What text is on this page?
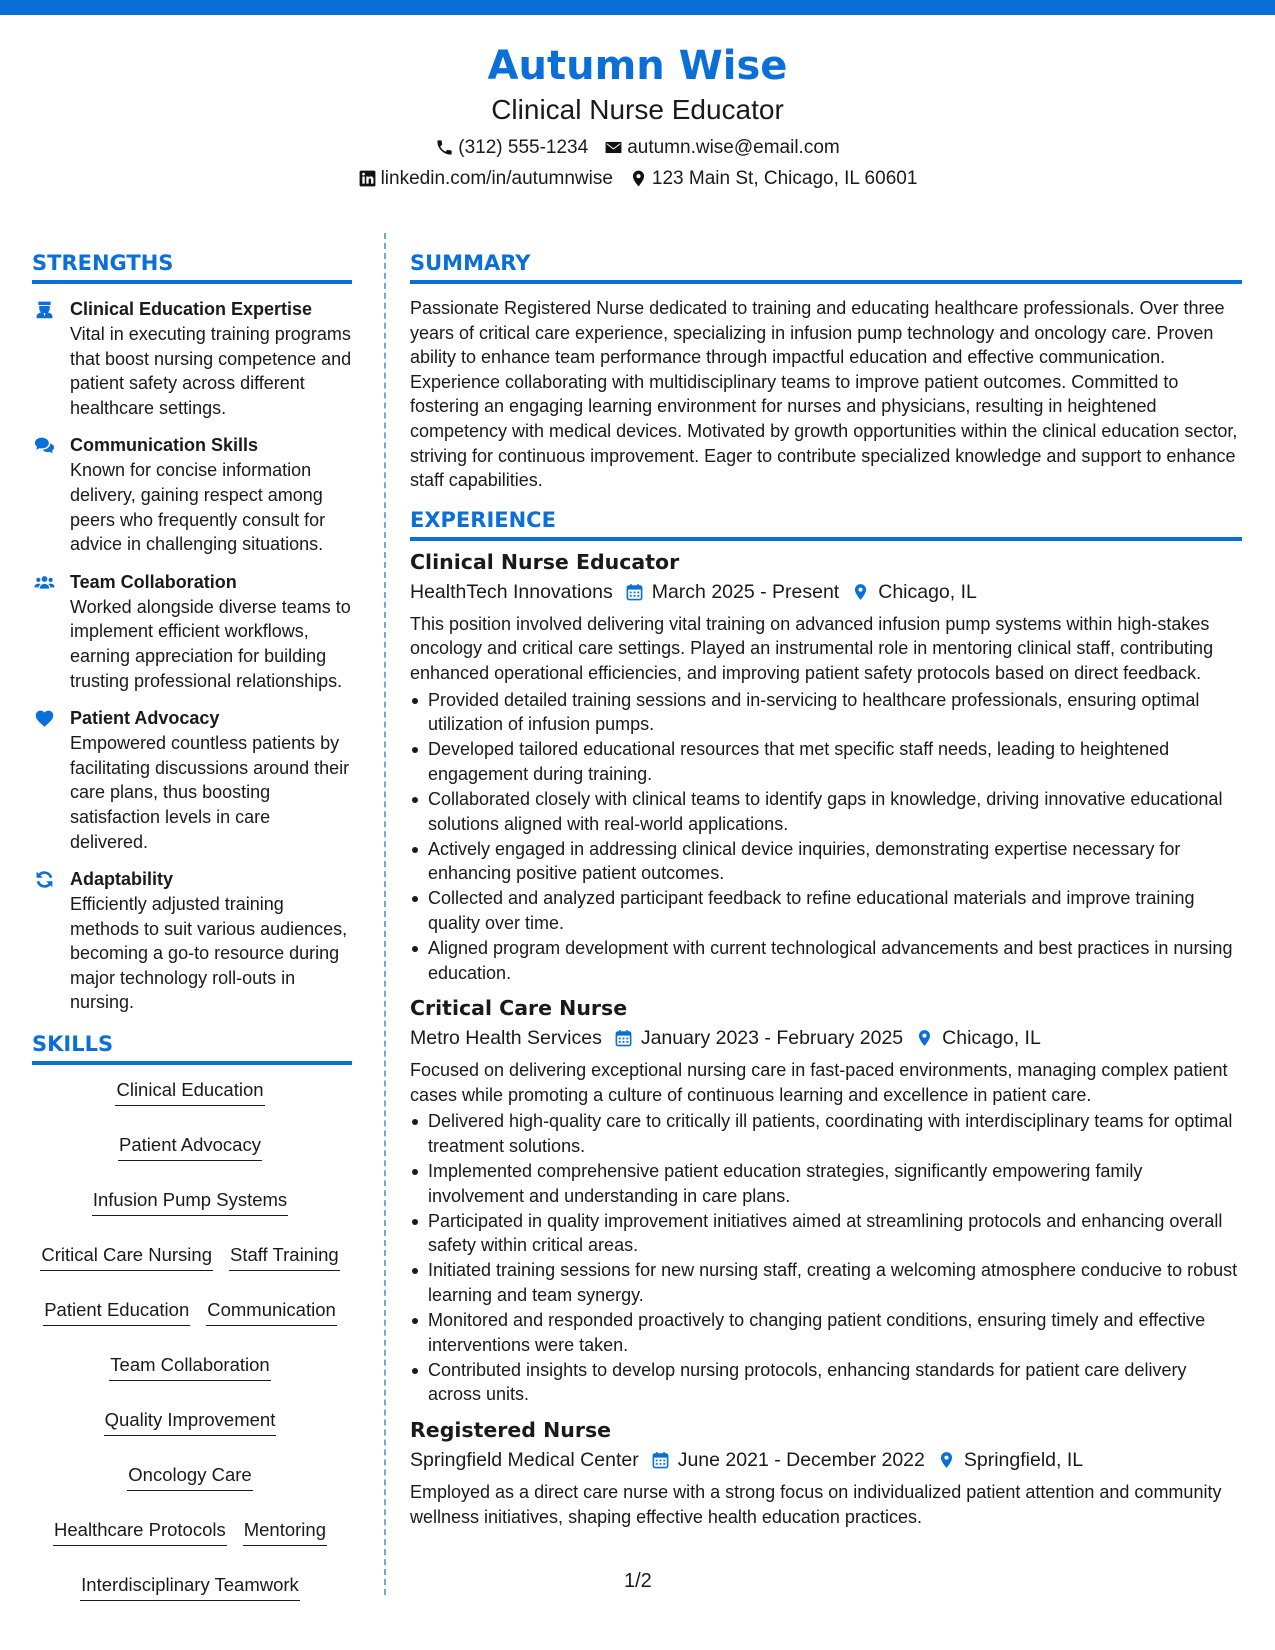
Autumn Wise
Clinical Nurse Educator
(312) 555-1234 autumn.wise@email.com
linkedin.com/in/autumnwise 123 Main St, Chicago, IL 60601
STRENGTHS
Clinical Education Expertise
Vital in executing training programs that boost nursing competence and patient safety across different healthcare settings.
Communication Skills
Known for concise information delivery, gaining respect among peers who frequently consult for advice in challenging situations.
Team Collaboration
Worked alongside diverse teams to implement efficient workflows, earning appreciation for building trusting professional relationships.
Patient Advocacy
Empowered countless patients by facilitating discussions around their care plans, thus boosting satisfaction levels in care delivered.
Adaptability
Efficiently adjusted training methods to suit various audiences, becoming a go-to resource during major technology roll-outs in nursing.
SKILLS
Clinical Education
Patient Advocacy
Infusion Pump Systems
Critical Care Nursing Staff Training
Patient Education Communication
Team Collaboration
Quality Improvement
Oncology Care
Healthcare Protocols Mentoring
Interdisciplinary Teamwork
SUMMARY
Passionate Registered Nurse dedicated to training and educating healthcare professionals. Over three years of critical care experience, specializing in infusion pump technology and oncology care. Proven ability to enhance team performance through impactful education and effective communication. Experience collaborating with multidisciplinary teams to improve patient outcomes. Committed to fostering an engaging learning environment for nurses and physicians, resulting in heightened competency with medical devices. Motivated by growth opportunities within the clinical education sector, striving for continuous improvement. Eager to contribute specialized knowledge and support to enhance staff capabilities.
EXPERIENCE
Clinical Nurse Educator
HealthTech Innovations March 2025 - Present Chicago, IL
This position involved delivering vital training on advanced infusion pump systems within high-stakes oncology and critical care settings. Played an instrumental role in mentoring clinical staff, contributing enhanced operational efficiencies, and improving patient safety protocols based on direct feedback.
Provided detailed training sessions and in-servicing to healthcare professionals, ensuring optimal utilization of infusion pumps.
Developed tailored educational resources that met specific staff needs, leading to heightened engagement during training.
Collaborated closely with clinical teams to identify gaps in knowledge, driving innovative educational solutions aligned with real-world applications.
Actively engaged in addressing clinical device inquiries, demonstrating expertise necessary for enhancing positive patient outcomes.
Collected and analyzed participant feedback to refine educational materials and improve training quality over time.
Aligned program development with current technological advancements and best practices in nursing education.
Critical Care Nurse
Metro Health Services January 2023 - February 2025 Chicago, IL
Focused on delivering exceptional nursing care in fast-paced environments, managing complex patient cases while promoting a culture of continuous learning and excellence in patient care.
Delivered high-quality care to critically ill patients, coordinating with interdisciplinary teams for optimal treatment solutions.
Implemented comprehensive patient education strategies, significantly empowering family involvement and understanding in care plans.
Participated in quality improvement initiatives aimed at streamlining protocols and enhancing overall safety within critical areas.
Initiated training sessions for new nursing staff, creating a welcoming atmosphere conducive to robust learning and team synergy.
Monitored and responded proactively to changing patient conditions, ensuring timely and effective interventions were taken.
Contributed insights to develop nursing protocols, enhancing standards for patient care delivery across units.
Registered Nurse
Springfield Medical Center June 2021 - December 2022 Springfield, IL
Employed as a direct care nurse with a strong focus on individualized patient attention and community wellness initiatives, shaping effective health education practices.
1/2
